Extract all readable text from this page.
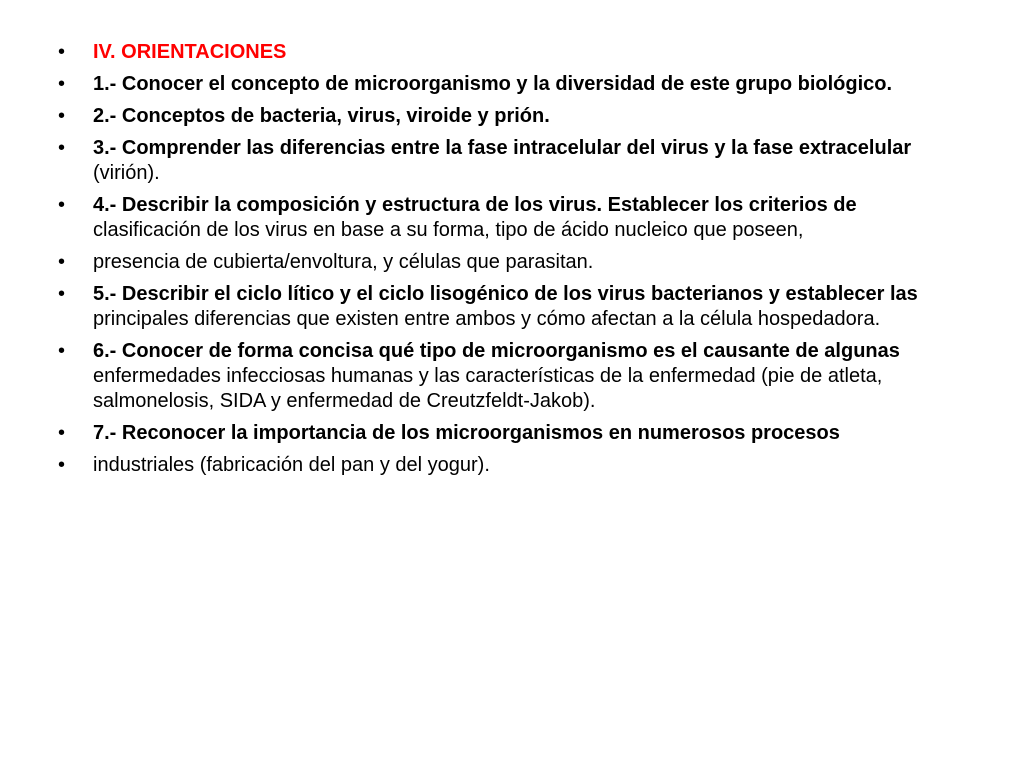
•	IV. ORIENTACIONES
•	1.- Conocer el concepto de microorganismo y la diversidad de este grupo biológico.
•	2.- Conceptos de bacteria, virus, viroide y prión.
•	3.- Comprender las diferencias entre la fase intracelular del virus y la fase extracelular (virión).
•	4.- Describir la composición y estructura de los virus. Establecer los criterios de clasificación de los virus en base a su forma, tipo de ácido nucleico que poseen,
•	presencia de cubierta/envoltura, y células que parasitan.
•	5.- Describir el ciclo lítico y el ciclo lisogénico de los virus bacterianos y establecer las principales diferencias que existen entre ambos y cómo afectan a la célula hospedadora.
•	6.- Conocer de forma concisa qué tipo de microorganismo es el causante de algunas enfermedades infecciosas humanas y las características de la enfermedad (pie de atleta, salmonelosis, SIDA y enfermedad de Creutzfeldt-Jakob).
•	7.- Reconocer la importancia de los microorganismos en numerosos procesos
•	industriales (fabricación del pan y del yogur).
